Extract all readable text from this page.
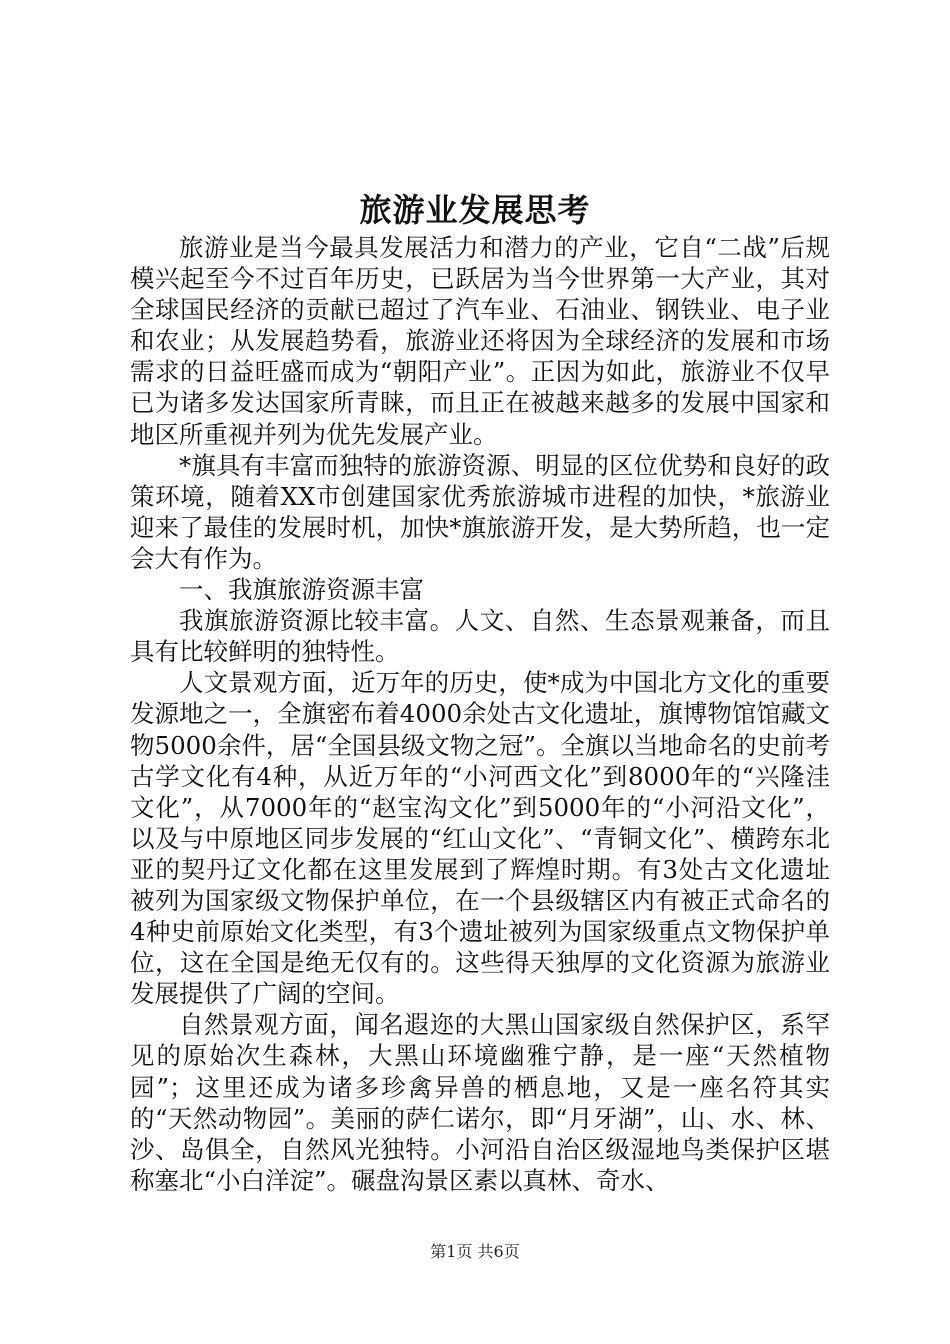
旅游业发展思考

旅游业是当今最具发展活力和潜力的产业，它自“二战”后规模兴起至今不过百年历史，已跃居为当今世界第一大产业，其对全球国民经济的贡献已超过了汽车业、石油业、钢铁业、电子业和农业；从发展趋势看，旅游业还将因为全球经济的发展和市场需求的日益旺盛而成为“朝阳产业”。正因为如此，旅游业不仅早已为诸多发达国家所青睐，而且正在被越来越多的发展中国家和地区所重视并列为优先发展产业。

*旗具有丰富而独特的旅游资源、明显的区位优势和良好的政策环境，随着XX市创建国家优秀旅游城市进程的加快，*旅游业迎来了最佳的发展时机，加快*旗旅游开发，是大势所趋，也一定会大有作为。

一、我旗旅游资源丰富

我旗旅游资源比较丰富。人文、自然、生态景观兼备，而且具有比较鲜明的独特性。

人文景观方面，近万年的历史，使*成为中国北方文化的重要发源地之一，全旗密布着4000余处古文化遗址，旗博物馆馆藏文物5000余件，居“全国县级文物之冠”。全旗以当地命名的史前考古学文化有4种，从近万年的“小河西文化”到8000年的“兴隆洼文化”，从7000年的“赵宝沟文化”到5000年的“小河沿文化”，以及与中原地区同步发展的“红山文化”、“青铜文化”、横跨东北亚的契丹辽文化都在这里发展到了辉煌时期。有3处古文化遗址被列为国家级文物保护单位，在一个县级辖区内有被正式命名的4种史前原始文化类型，有3个遗址被列为国家级重点文物保护单位，这在全国是绝无仅有的。这些得天独厚的文化资源为旅游业发展提供了广阔的空间。

自然景观方面，闻名遐迩的大黑山国家级自然保护区，系罕见的原始次生森林，大黑山环境幽雅宁静，是一座“天然植物园”；这里还成为诸多珍禽异兽的栖息地，又是一座名符其实的“天然动物园”。美丽的萨仁诺尔，即“月牙湖”，山、水、林、沙、岛俱全，自然风光独特。小河沿自治区级湿地鸟类保护区堪称塞北“小白洋淀”。碾盘沟景区素以真林、奇水、

第1页 共6页
